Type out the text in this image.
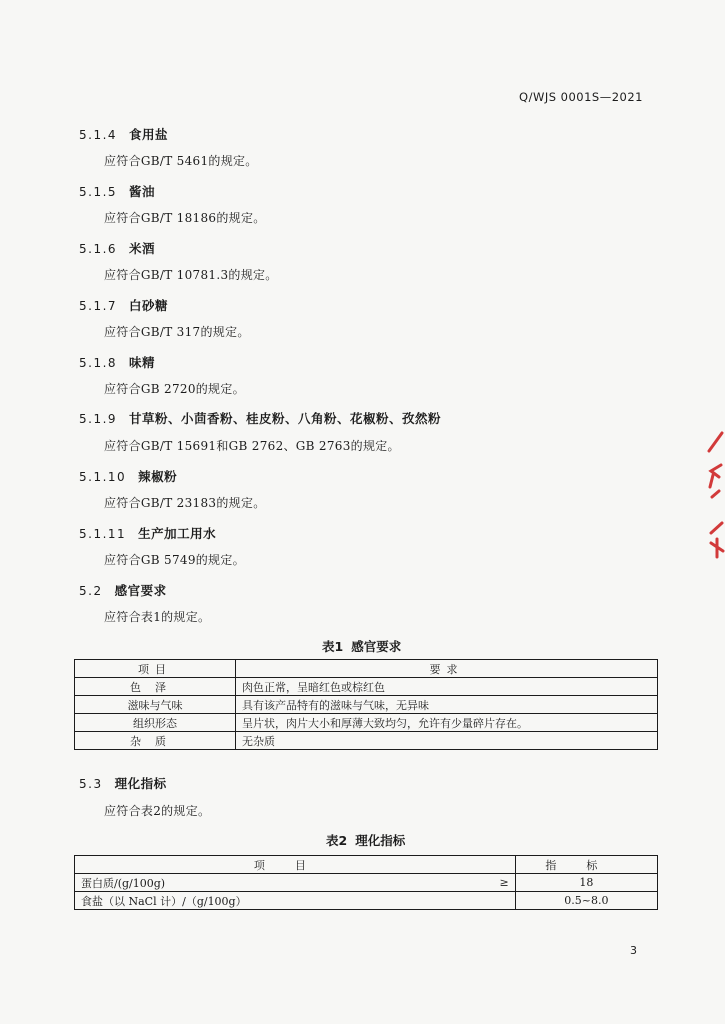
Q/WJS 0001S—2021
5.1.4 食用盐
应符合GB/T 5461的规定。
5.1.5 酱油
应符合GB/T 18186的规定。
5.1.6 米酒
应符合GB/T 10781.3的规定。
5.1.7 白砂糖
应符合GB/T 317的规定。
5.1.8 味精
应符合GB 2720的规定。
5.1.9 甘草粉、小茴香粉、桂皮粉、八角粉、花椒粉、孜然粉
应符合GB/T 15691和GB 2762、GB 2763的规定。
5.1.10 辣椒粉
应符合GB/T 23183的规定。
5.1.11 生产加工用水
应符合GB 5749的规定。
5.2 感官要求
应符合表1的规定。
表1 感官要求
项目	要求
色泽	肉色正常，呈暗红色或棕红色
滋味与气味	具有该产品特有的滋味与气味，无异味
组织形态	呈片状，肉片大小和厚薄大致均匀，允许有少量碎片存在。
杂质	无杂质
5.3 理化指标
应符合表2的规定。
表2 理化指标
项目		指标
蛋白质/(g/100g)	≥	18
食盐（以 NaCl 计）/（g/100g）		0.5~8.0
3
